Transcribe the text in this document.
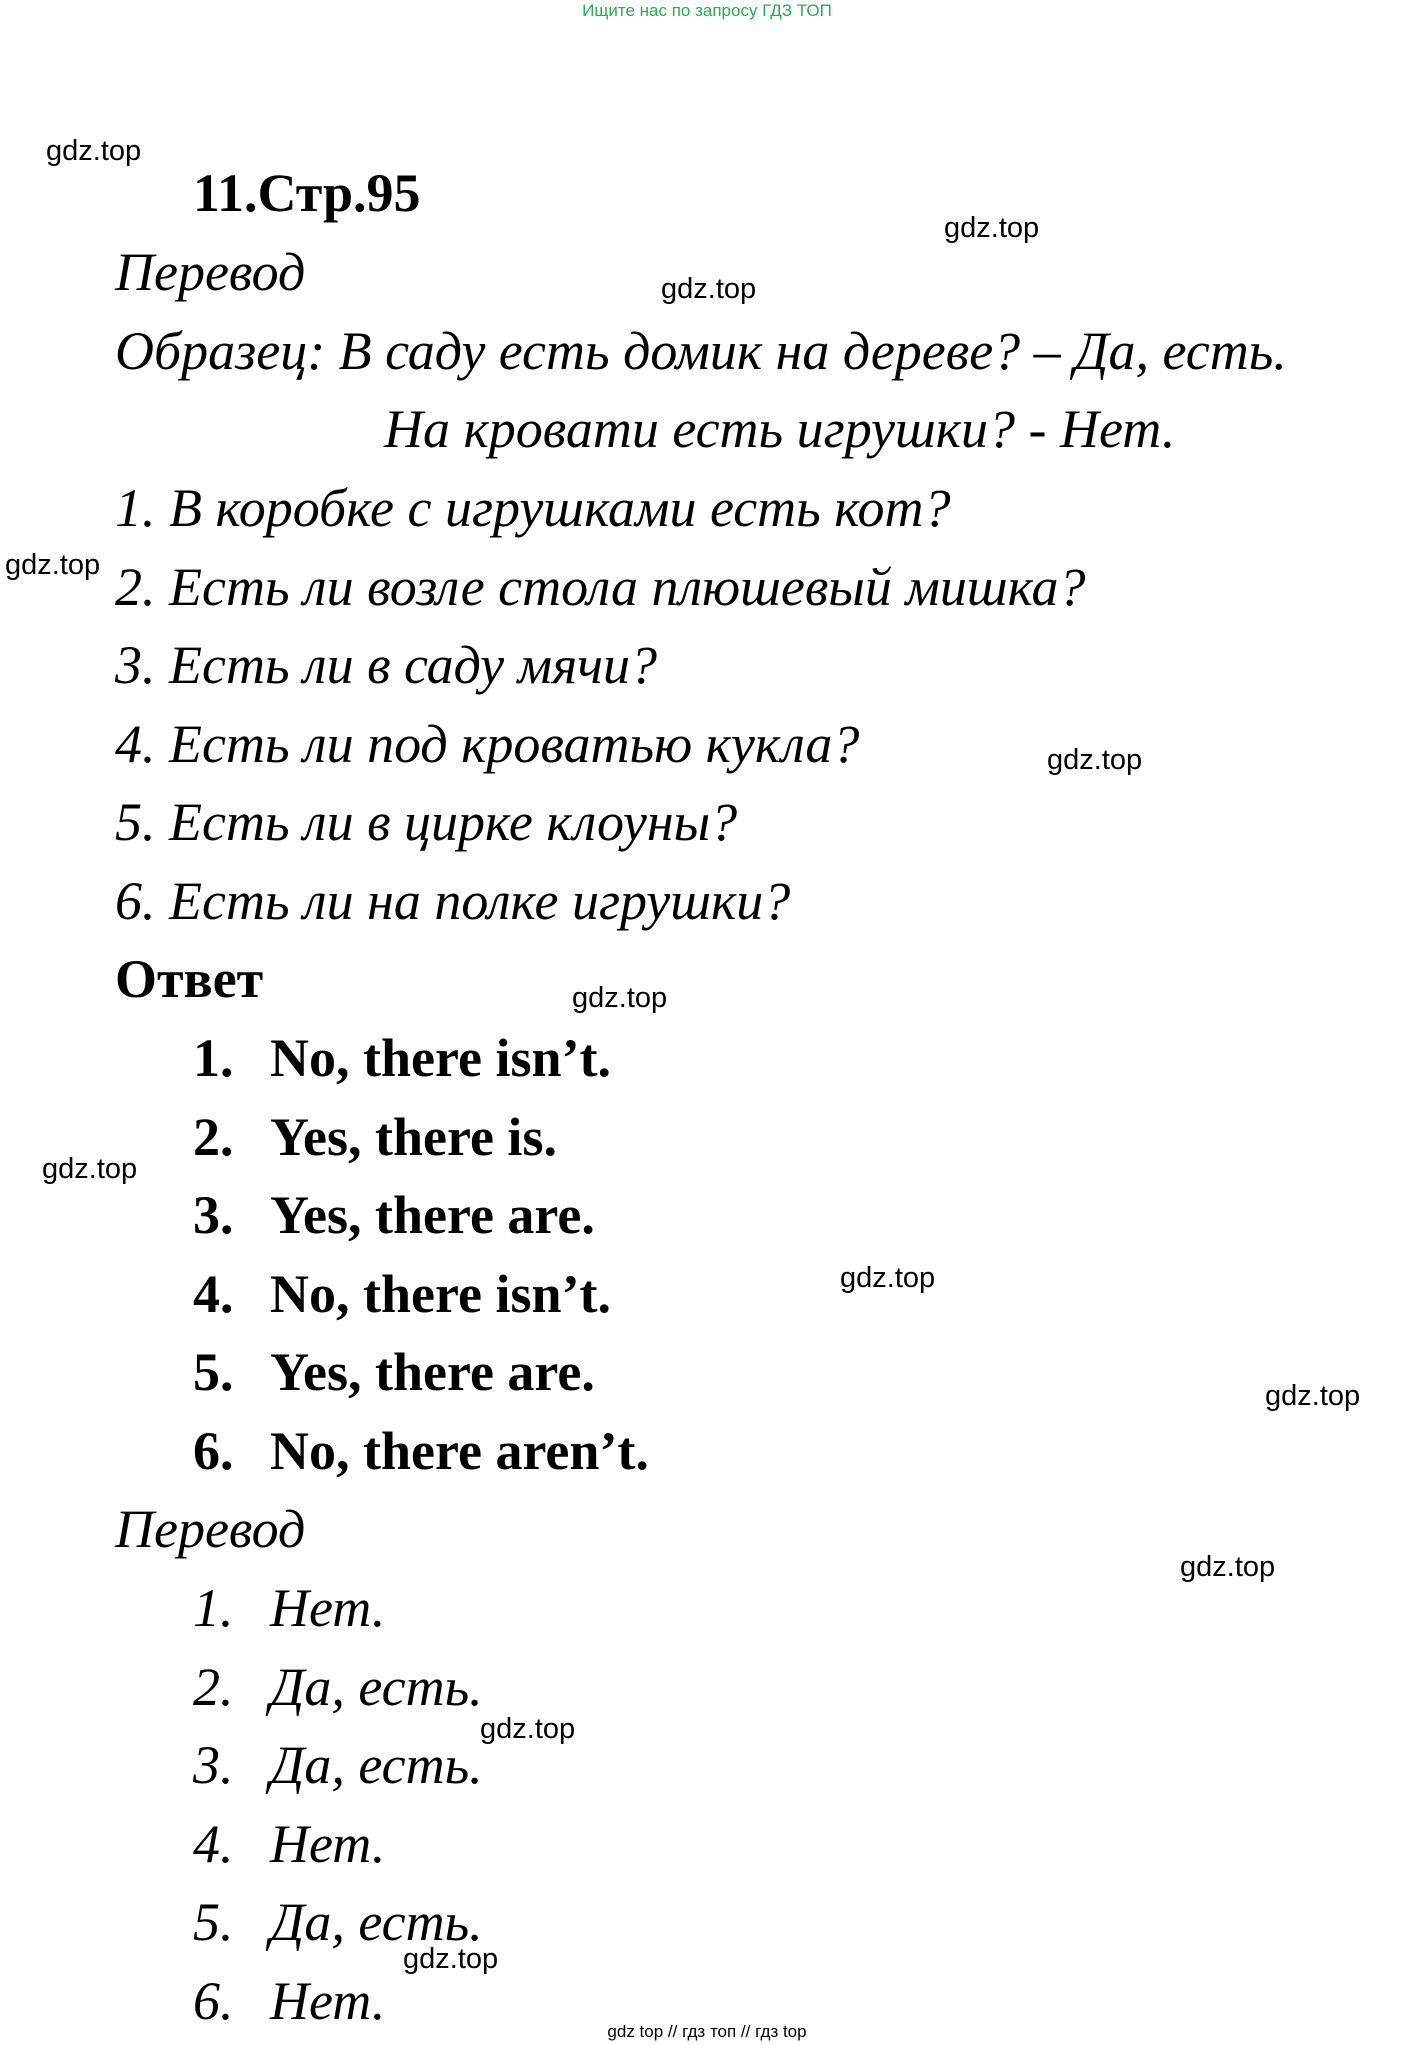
Ищите нас по запросу ГДЗ ТОП
11.Стр.95
Перевод
Образец: В саду есть домик на дереве? – Да, есть.
На кровати есть игрушки? - Нет.
1. В коробке с игрушками есть кот?
2. Есть ли возле стола плюшевый мишка?
3. Есть ли в саду мячи?
4. Есть ли под кроватью кукла?
5. Есть ли в цирке клоуны?
6. Есть ли на полке игрушки?
Ответ
1. No, there isn’t.
2. Yes, there is.
3. Yes, there are.
4. No, there isn’t.
5. Yes, there are.
6. No, there aren’t.
Перевод
1. Нет.
2. Да, есть.
3. Да, есть.
4. Нет.
5. Да, есть.
6. Нет.
gdz.top
gdz.top
gdz.top
gdz.top
gdz.top
gdz.top
gdz.top
gdz.top
gdz.top
gdz.top
gdz.top
gdz.top
gdz top // гдз топ // гдз top
